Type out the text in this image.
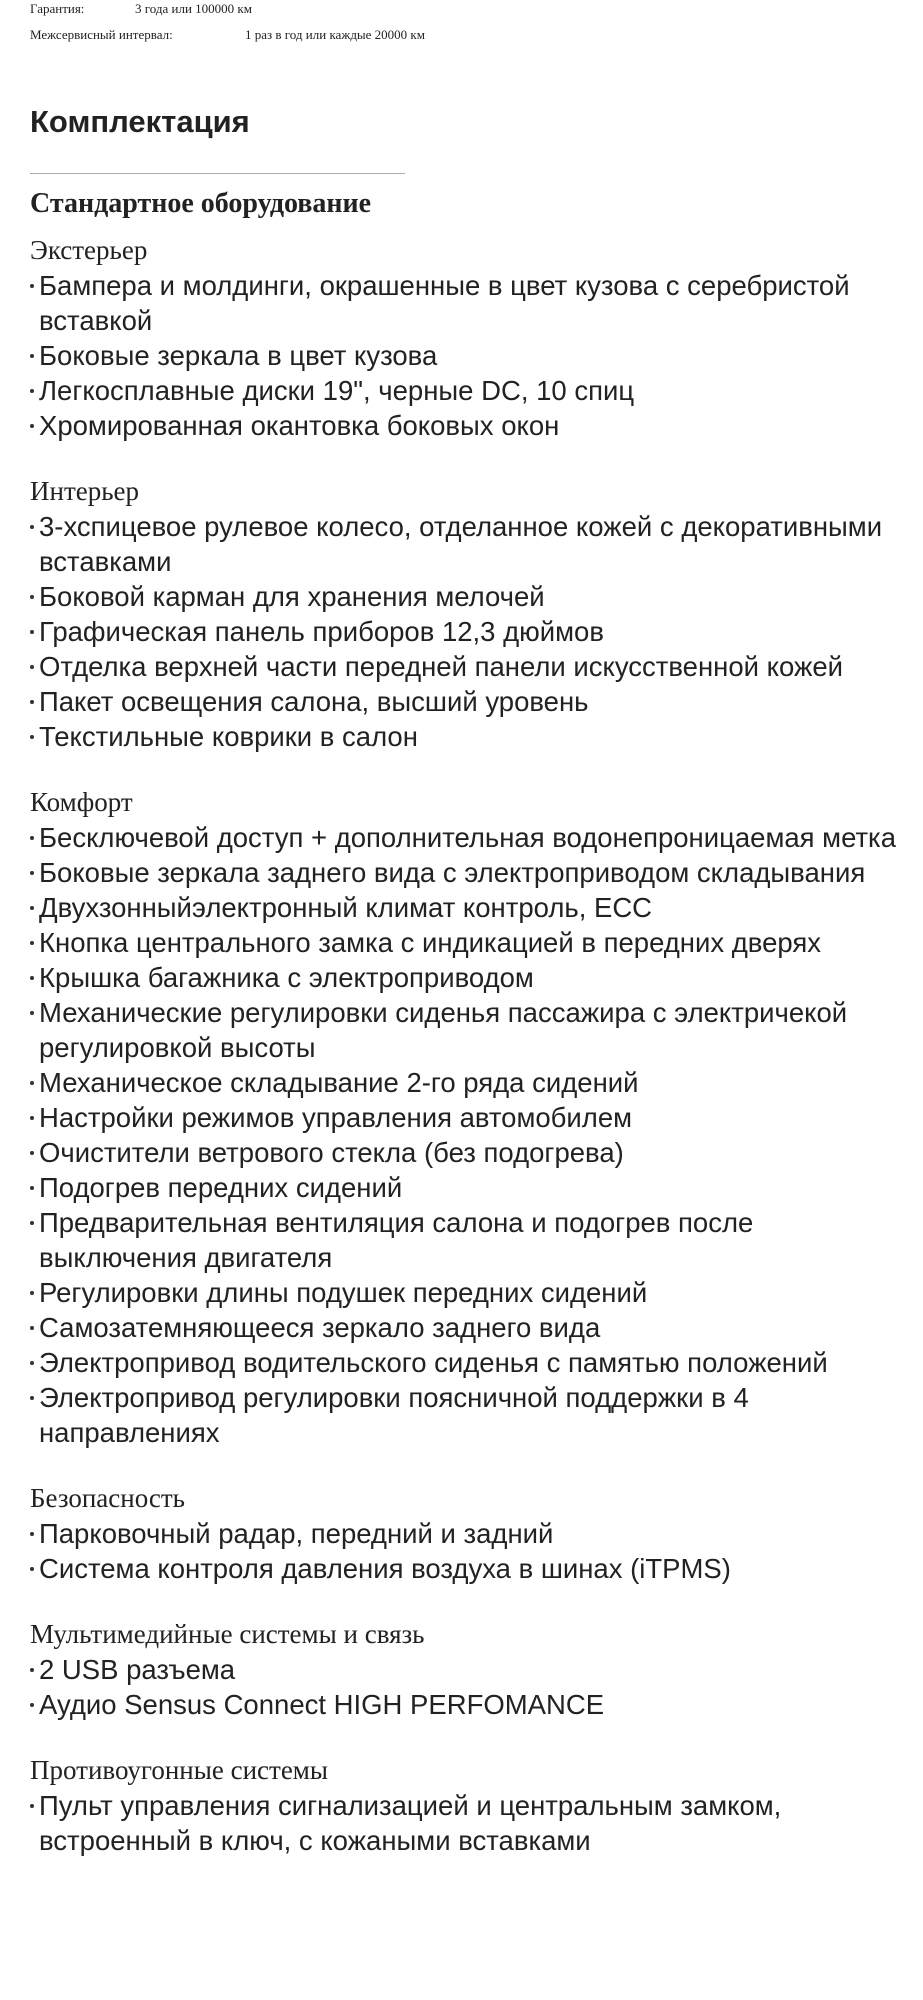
Гарантия:	3 года или 100000 км
Межсервисный интервал:	1 раз в год или каждые 20000 км
Комплектация
Стандартное оборудование
Экстерьер
Бампера и молдинги, окрашенные в цвет кузова с серебристой вставкой
Боковые зеркала в цвет кузова
Легкосплавные диски 19", черные DC, 10 спиц
Хромированная окантовка боковых окон
Интерьер
3-хспицевое рулевое колесо, отделанное кожей с декоративными вставками
Боковой карман для хранения мелочей
Графическая панель приборов 12,3 дюймов
Отделка верхней части передней панели искусственной кожей
Пакет освещения салона, высший уровень
Текстильные коврики в салон
Комфорт
Бесключевой доступ + дополнительная водонепроницаемая метка
Боковые зеркала заднего вида с электроприводом складывания
Двухзонныйэлектронный климат контроль, ECC
Кнопка центрального замка с индикацией в передних дверях
Крышка багажника с электроприводом
Механические регулировки сиденья пассажира с электричекой регулировкой высоты
Механическое складывание 2-го ряда сидений
Настройки режимов управления автомобилем
Очистители ветрового стекла (без подогрева)
Подогрев передних сидений
Предварительная вентиляция салона и подогрев после выключения двигателя
Регулировки длины подушек передних сидений
Самозатемняющееся зеркало заднего вида
Электропривод водительского сиденья с памятью положений
Электропривод регулировки поясничной поддержки в 4 направлениях
Безопасность
Парковочный радар, передний и задний
Система контроля давления воздуха в шинах (iTPMS)
Мультимедийные системы и связь
2 USB разъема
Аудио Sensus Connect HIGH PERFOMANCE
Противоугонные системы
Пульт управления сигнализацией и центральным замком, встроенный в ключ, с кожаными вставками
